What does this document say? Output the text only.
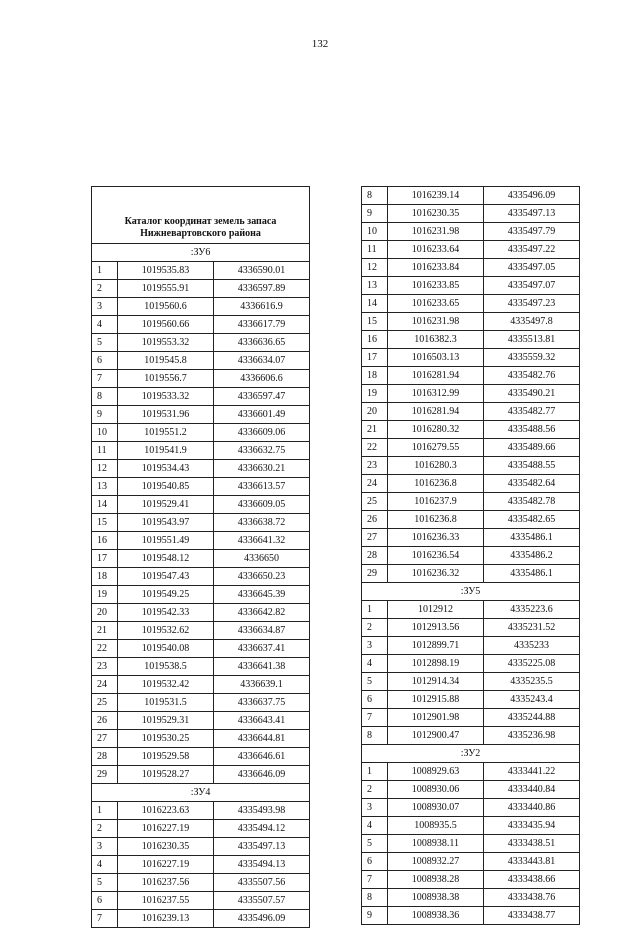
132
Каталог координат земель запаса Нижневартовского района		
:ЗУ6		
1	1019535.83	4336590.01
2	1019555.91	4336597.89
3	1019560.6	4336616.9
4	1019560.66	4336617.79
5	1019553.32	4336636.65
6	1019545.8	4336634.07
7	1019556.7	4336606.6
8	1019533.32	4336597.47
9	1019531.96	4336601.49
10	1019551.2	4336609.06
11	1019541.9	4336632.75
12	1019534.43	4336630.21
13	1019540.85	4336613.57
14	1019529.41	4336609.05
15	1019543.97	4336638.72
16	1019551.49	4336641.32
17	1019548.12	4336650
18	1019547.43	4336650.23
19	1019549.25	4336645.39
20	1019542.33	4336642.82
21	1019532.62	4336634.87
22	1019540.08	4336637.41
23	1019538.5	4336641.38
24	1019532.42	4336639.1
25	1019531.5	4336637.75
26	1019529.31	4336643.41
27	1019530.25	4336644.81
28	1019529.58	4336646.61
29	1019528.27	4336646.09
:ЗУ4		
1	1016223.63	4335493.98
2	1016227.19	4335494.12
3	1016230.35	4335497.13
4	1016227.19	4335494.13
5	1016237.56	4335507.56
6	1016237.55	4335507.57
7	1016239.13	4335496.09
8	1016239.14	4335496.09
9	1016230.35	4335497.13
10	1016231.98	4335497.79
11	1016233.64	4335497.22
12	1016233.84	4335497.05
13	1016233.85	4335497.07
14	1016233.65	4335497.23
15	1016231.98	4335497.8
16	1016382.3	4335513.81
17	1016503.13	4335559.32
18	1016281.94	4335482.76
19	1016312.99	4335490.21
20	1016281.94	4335482.77
21	1016280.32	4335488.56
22	1016279.55	4335489.66
23	1016280.3	4335488.55
24	1016236.8	4335482.64
25	1016237.9	4335482.78
26	1016236.8	4335482.65
27	1016236.33	4335486.1
28	1016236.54	4335486.2
29	1016236.32	4335486.1
:ЗУ5		
1	1012912	4335223.6
2	1012913.56	4335231.52
3	1012899.71	4335233
4	1012898.19	4335225.08
5	1012914.34	4335235.5
6	1012915.88	4335243.4
7	1012901.98	4335244.88
8	1012900.47	4335236.98
:ЗУ2		
1	1008929.63	4333441.22
2	1008930.06	4333440.84
3	1008930.07	4333440.86
4	1008935.5	4333435.94
5	1008938.11	4333438.51
6	1008932.27	4333443.81
7	1008938.28	4333438.66
8	1008938.38	4333438.76
9	1008938.36	4333438.77
